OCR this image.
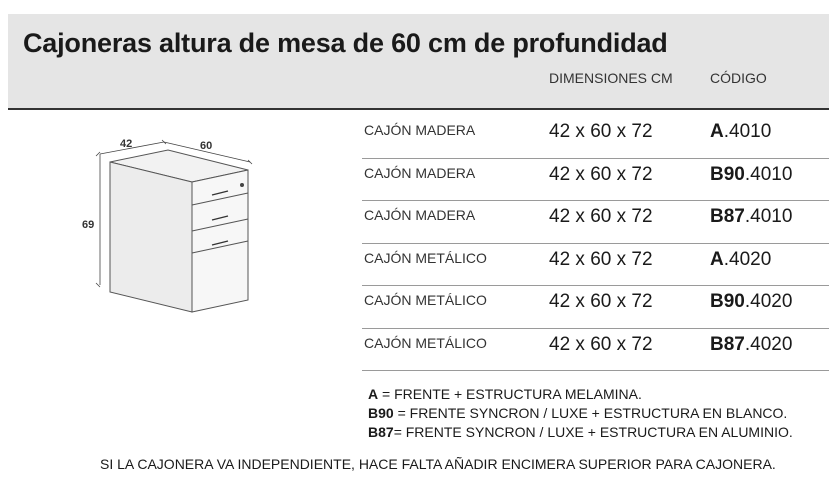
Cajoneras altura de mesa de 60 cm de profundidad
DIMENSIONES CM	CÓDIGO
42	60
69
CAJÓN MADERA	42 x 60 x 72	A.4010
CAJÓN MADERA	42 x 60 x 72	B90.4010
CAJÓN MADERA	42 x 60 x 72	B87.4010
CAJÓN METÁLICO	42 x 60 x 72	A.4020
CAJÓN METÁLICO	42 x 60 x 72	B90.4020
CAJÓN METÁLICO	42 x 60 x 72	B87.4020
A = FRENTE + ESTRUCTURA MELAMINA.
B90 = FRENTE SYNCRON / LUXE + ESTRUCTURA EN BLANCO.
B87= FRENTE SYNCRON / LUXE + ESTRUCTURA EN ALUMINIO.
SI LA CAJONERA VA INDEPENDIENTE, HACE FALTA AÑADIR ENCIMERA SUPERIOR PARA CAJONERA.
